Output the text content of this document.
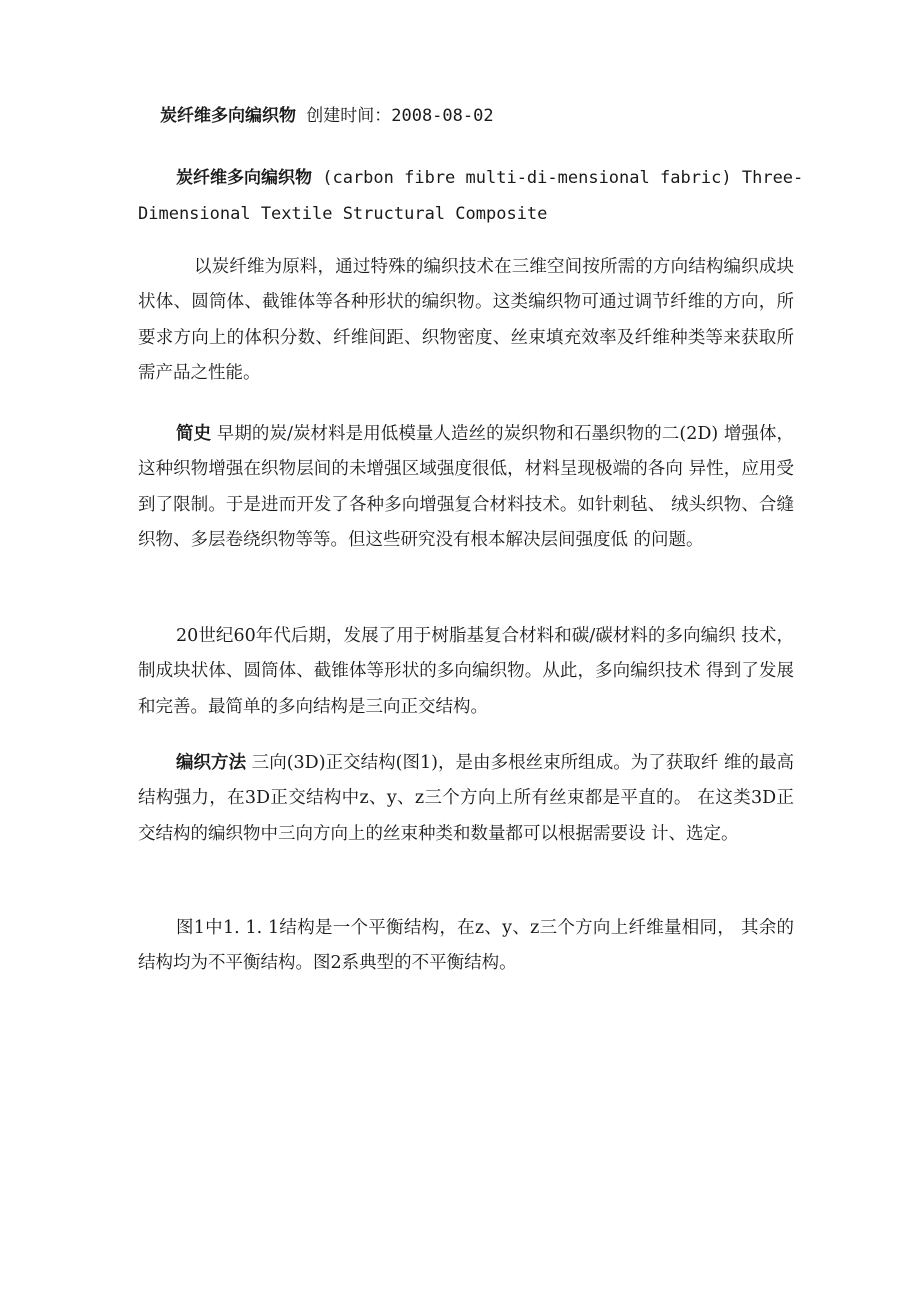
炭纤维多向编织物 创建时间：2008-08-02
炭纤维多向编织物 (carbon fibre multi-di-mensional fabric) Three-
Dimensional Textile Structural Composite

以炭纤维为原料，通过特殊的编织技术在三维空间按所需的方向结构编织成块状体、圆筒体、截锥体等各种形状的编织物。这类编织物可通过调节纤维的方向，所要求方向上的体积分数、纤维间距、织物密度、丝束填充效率及纤维种类等来获取所需产品之性能。

简史 早期的炭/炭材料是用低模量人造丝的炭织物和石墨织物的二(2D) 增强体，这种织物增强在织物层间的未增强区域强度很低，材料呈现极端的各向 异性，应用受到了限制。于是进而开发了各种多向增强复合材料技术。如针刺毡、 绒头织物、合缝织物、多层卷绕织物等等。但这些研究没有根本解决层间强度低 的问题。

20世纪60年代后期，发展了用于树脂基复合材料和碳/碳材料的多向编织 技术，制成块状体、圆筒体、截锥体等形状的多向编织物。从此，多向编织技术 得到了发展和完善。最简单的多向结构是三向正交结构。

编织方法 三向(3D)正交结构(图1)，是由多根丝束所组成。为了获取纤 维的最高结构强力，在3D正交结构中z、y、z三个方向上所有丝束都是平直的。 在这类3D正交结构的编织物中三向方向上的丝束种类和数量都可以根据需要设 计、选定。

图1中1. 1. 1结构是一个平衡结构，在z、y、z三个方向上纤维量相同， 其余的结构均为不平衡结构。图2系典型的不平衡结构。
